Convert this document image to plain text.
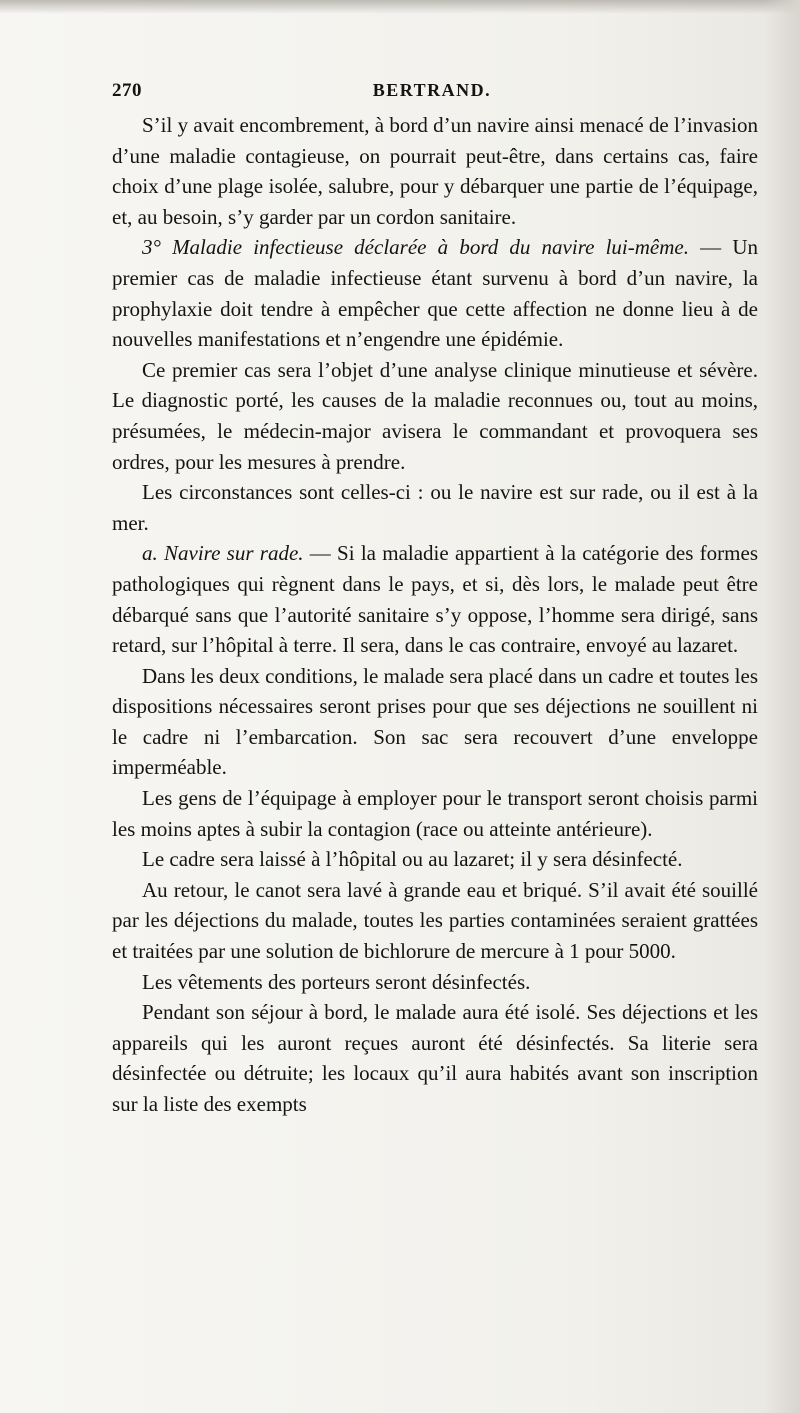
270	BERTRAND.

S’il y avait encombrement, à bord d’un navire ainsi menacé de l’invasion d’une maladie contagieuse, on pourrait peut-être, dans certains cas, faire choix d’une plage isolée, salubre, pour y débarquer une partie de l’équipage, et, au besoin, s’y garder par un cordon sanitaire.

3° Maladie infectieuse déclarée à bord du navire lui-même. — Un premier cas de maladie infectieuse étant survenu à bord d’un navire, la prophylaxie doit tendre à empêcher que cette affection ne donne lieu à de nouvelles manifestations et n’engendre une épidémie.

Ce premier cas sera l’objet d’une analyse clinique minutieuse et sévère. Le diagnostic porté, les causes de la maladie reconnues ou, tout au moins, présumées, le médecin-major avisera le commandant et provoquera ses ordres, pour les mesures à prendre.

Les circonstances sont celles-ci : ou le navire est sur rade, ou il est à la mer.

a. Navire sur rade. — Si la maladie appartient à la catégorie des formes pathologiques qui règnent dans le pays, et si, dès lors, le malade peut être débarqué sans que l’autorité sanitaire s’y oppose, l’homme sera dirigé, sans retard, sur l’hôpital à terre. Il sera, dans le cas contraire, envoyé au lazaret.

Dans les deux conditions, le malade sera placé dans un cadre et toutes les dispositions nécessaires seront prises pour que ses déjections ne souillent ni le cadre ni l’embarcation. Son sac sera recouvert d’une enveloppe imperméable.

Les gens de l’équipage à employer pour le transport seront choisis parmi les moins aptes à subir la contagion (race ou atteinte antérieure).

Le cadre sera laissé à l’hôpital ou au lazaret; il y sera désinfecté.

Au retour, le canot sera lavé à grande eau et briqué. S’il avait été souillé par les déjections du malade, toutes les parties contaminées seraient grattées et traitées par une solution de bichlorure de mercure à 1 pour 5000.

Les vêtements des porteurs seront désinfectés.

Pendant son séjour à bord, le malade aura été isolé. Ses déjections et les appareils qui les auront reçues auront été désinfectés. Sa literie sera désinfectée ou détruite; les locaux qu’il aura habités avant son inscription sur la liste des exempts
